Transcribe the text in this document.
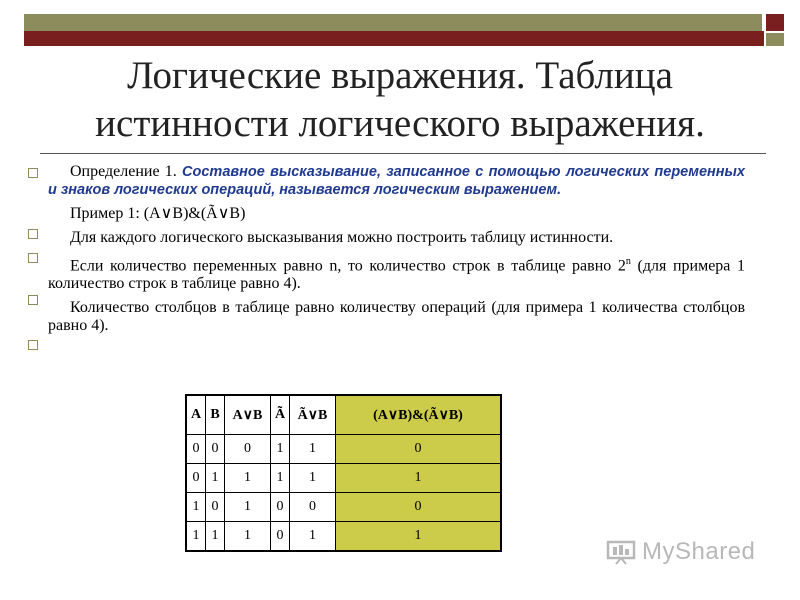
Логические выражения. Таблица
истинности логического выражения.

Определение 1. Составное высказывание, записанное с помощью логических переменных и знаков логических операций, называется логическим выражением.

Пример 1: (A∨B)&(Ã∨B)

Для каждого логического высказывания можно построить таблицу истинности.

Если количество переменных равно n, то количество строк в таблице равно 2$^n$ (для примера 1 количество строк в таблице равно 4).

Количество столбцов в таблице равно количеству операций (для примера 1 количества столбцов равно 4).

A	B	A∨B	Ã	Ã∨B	(A∨B)&(Ã∨B)
0	0	0	1	1	0
0	1	1	1	1	1
1	0	1	0	0	0
1	1	1	0	1	1
MyShared
